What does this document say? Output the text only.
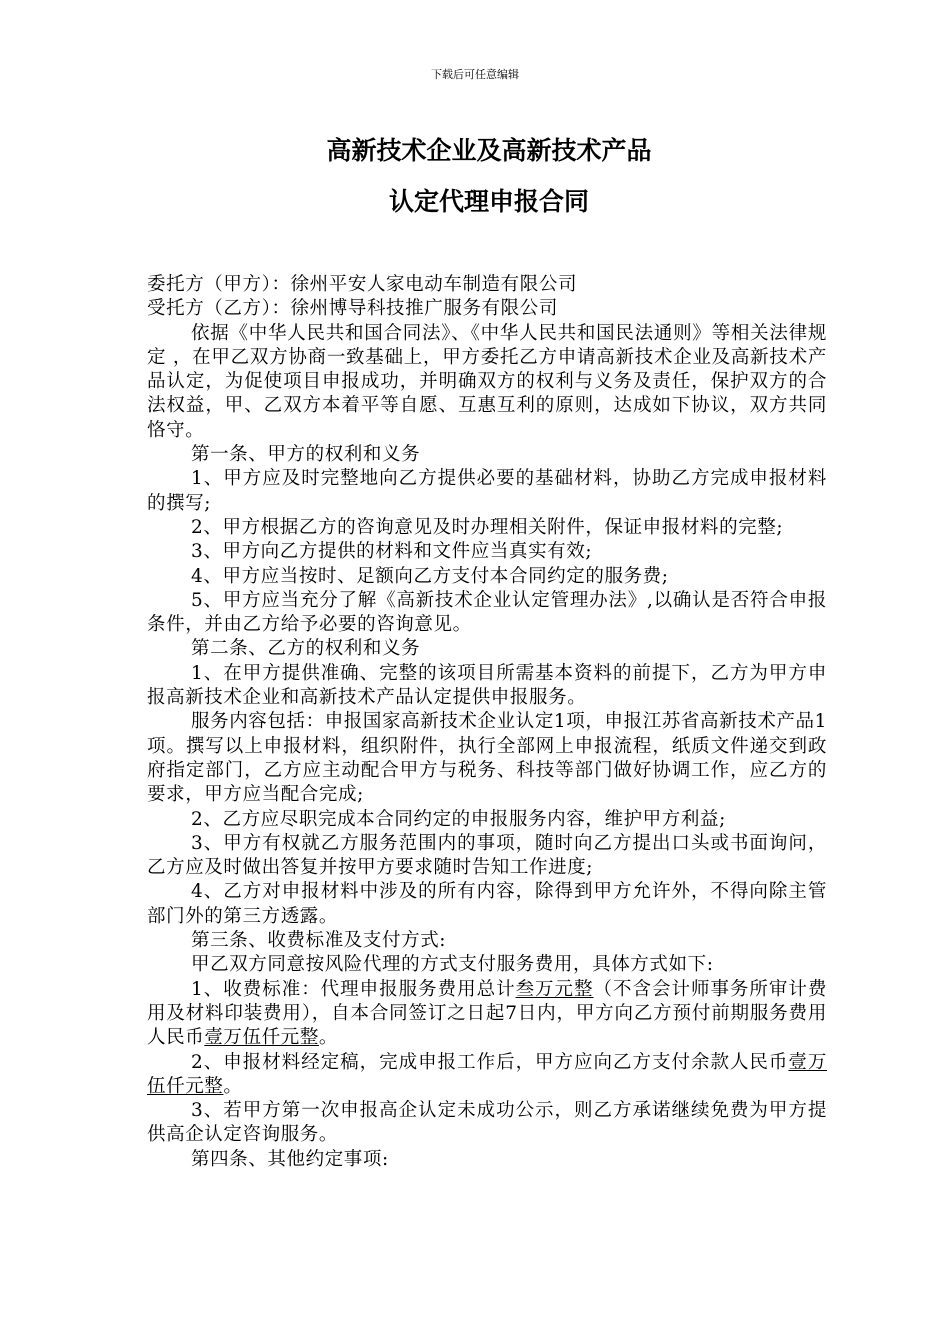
下载后可任意编辑
高新技术企业及高新技术产品
认定代理申报合同

委托方（甲方）：徐州平安人家电动车制造有限公司

受托方（乙方）：徐州博导科技推广服务有限公司

依据《中华人民共和国合同法》、《中华人民共和国民法通则》等相关法律规定 ，在甲乙双方协商一致基础上，甲方委托乙方申请高新技术企业及高新技术产品认定，为促使项目申报成功，并明确双方的权利与义务及责任，保护双方的合法权益，甲、乙双方本着平等自愿、互惠互利的原则，达成如下协议，双方共同恪守。

第一条、甲方的权利和义务

1、甲方应及时完整地向乙方提供必要的基础材料，协助乙方完成申报材料的撰写;

2、甲方根据乙方的咨询意见及时办理相关附件，保证申报材料的完整;

3、甲方向乙方提供的材料和文件应当真实有效;

4、甲方应当按时、足额向乙方支付本合同约定的服务费;

5、甲方应当充分了解《高新技术企业认定管理办法》,以确认是否符合申报条件，并由乙方给予必要的咨询意见。

第二条、乙方的权利和义务

1、在甲方提供准确、完整的该项目所需基本资料的前提下，乙方为甲方申报高新技术企业和高新技术产品认定提供申报服务。

服务内容包括：申报国家高新技术企业认定1项，申报江苏省高新技术产品1项。撰写以上申报材料，组织附件，执行全部网上申报流程，纸质文件递交到政府指定部门，乙方应主动配合甲方与税务、科技等部门做好协调工作，应乙方的要求，甲方应当配合完成;

2、乙方应尽职完成本合同约定的申报服务内容，维护甲方利益;

3、甲方有权就乙方服务范围内的事项，随时向乙方提出口头或书面询问，乙方应及时做出答复并按甲方要求随时告知工作进度;

4、乙方对申报材料中涉及的所有内容，除得到甲方允许外，不得向除主管部门外的第三方透露。

第三条、收费标准及支付方式:

甲乙双方同意按风险代理的方式支付服务费用，具体方式如下:

1、收费标准：代理申报服务费用总计叁万元整（不含会计师事务所审计费用及材料印装费用），自本合同签订之日起7日内，甲方向乙方预付前期服务费用人民币壹万伍仟元整。

2、申报材料经定稿，完成申报工作后，甲方应向乙方支付余款人民币壹万伍仟元整。

3、若甲方第一次申报高企认定未成功公示，则乙方承诺继续免费为甲方提供高企认定咨询服务。

第四条、其他约定事项:
